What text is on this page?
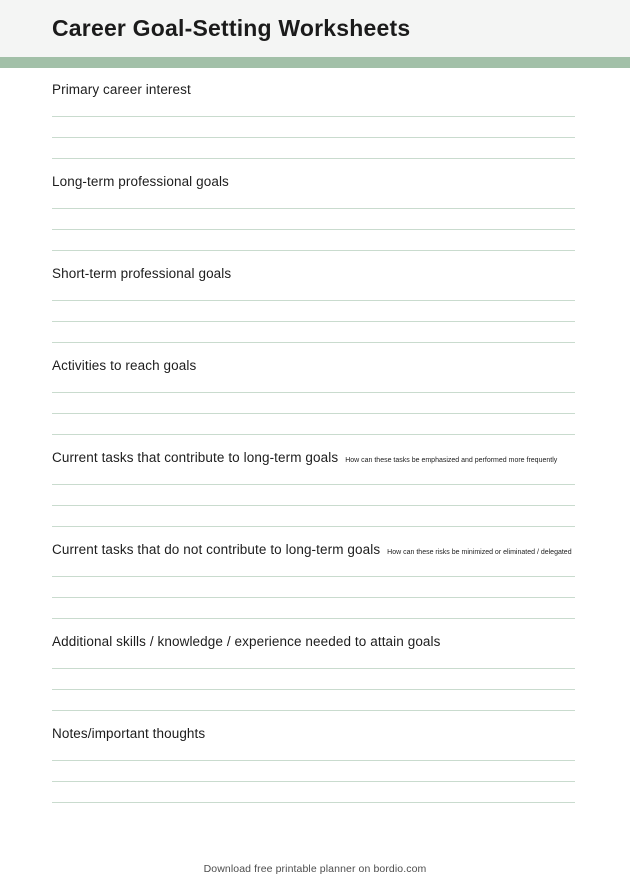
Career Goal-Setting Worksheets
Primary career interest
Long-term professional goals
Short-term professional goals
Activities to reach goals
Current tasks that contribute to long-term goals How can these tasks be emphasized and performed more frequently
Current tasks that do not contribute to long-term goals How can these risks be minimized or eliminated / delegated
Additional skills / knowledge / experience needed to attain goals
Notes/important thoughts
Download free printable planner on bordio.com
